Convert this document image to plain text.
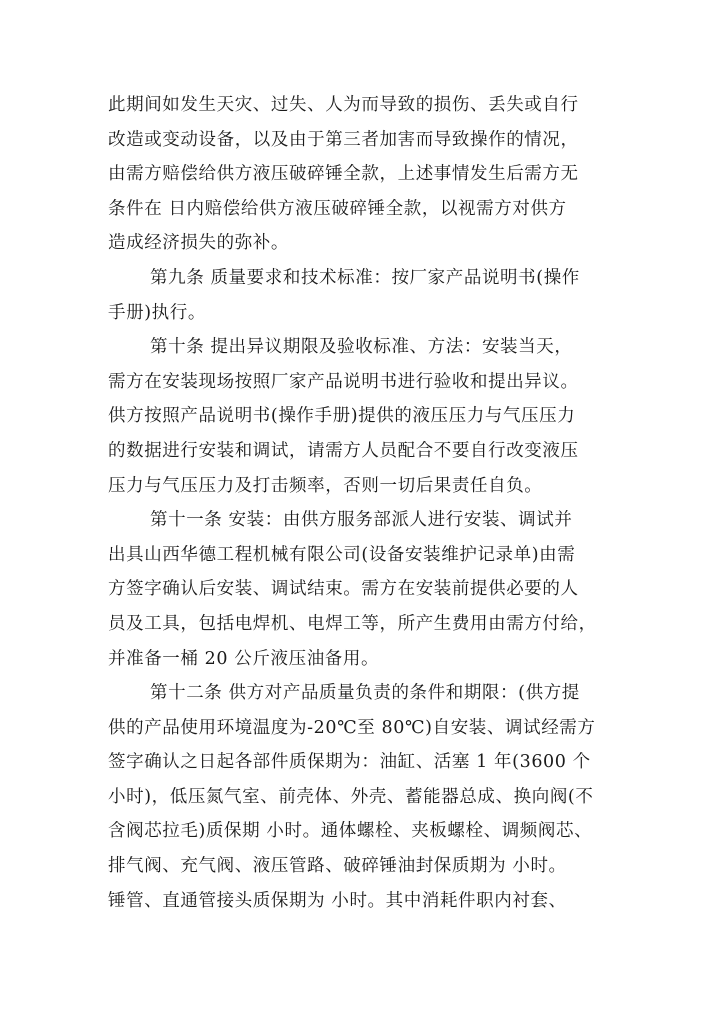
此期间如发生天灾、过失、人为而导致的损伤、丢失或自行
改造或变动设备，以及由于第三者加害而导致操作的情况，
由需方赔偿给供方液压破碎锤全款，上述事情发生后需方无
条件在 日内赔偿给供方液压破碎锤全款，以视需方对供方
造成经济损失的弥补。
第九条 质量要求和技术标准：按厂家产品说明书(操作
手册)执行。
第十条 提出异议期限及验收标准、方法：安装当天，
需方在安装现场按照厂家产品说明书进行验收和提出异议。
供方按照产品说明书(操作手册)提供的液压压力与气压压力
的数据进行安装和调试，请需方人员配合不要自行改变液压
压力与气压压力及打击频率，否则一切后果责任自负。
第十一条 安装：由供方服务部派人进行安装、调试并
出具山西华德工程机械有限公司(设备安装维护记录单)由需
方签字确认后安装、调试结束。需方在安装前提供必要的人
员及工具，包括电焊机、电焊工等，所产生费用由需方付给，
并准备一桶 20 公斤液压油备用。
第十二条 供方对产品质量负责的条件和期限：(供方提
供的产品使用环境温度为-20℃至 80℃)自安装、调试经需方
签字确认之日起各部件质保期为：油缸、活塞 1 年(3600 个
小时)，低压氮气室、前壳体、外壳、蓄能器总成、换向阀(不
含阀芯拉毛)质保期 小时。通体螺栓、夹板螺栓、调频阀芯、
排气阀、充气阀、液压管路、破碎锤油封保质期为 小时。
锤管、直通管接头质保期为 小时。其中消耗件职内衬套、
